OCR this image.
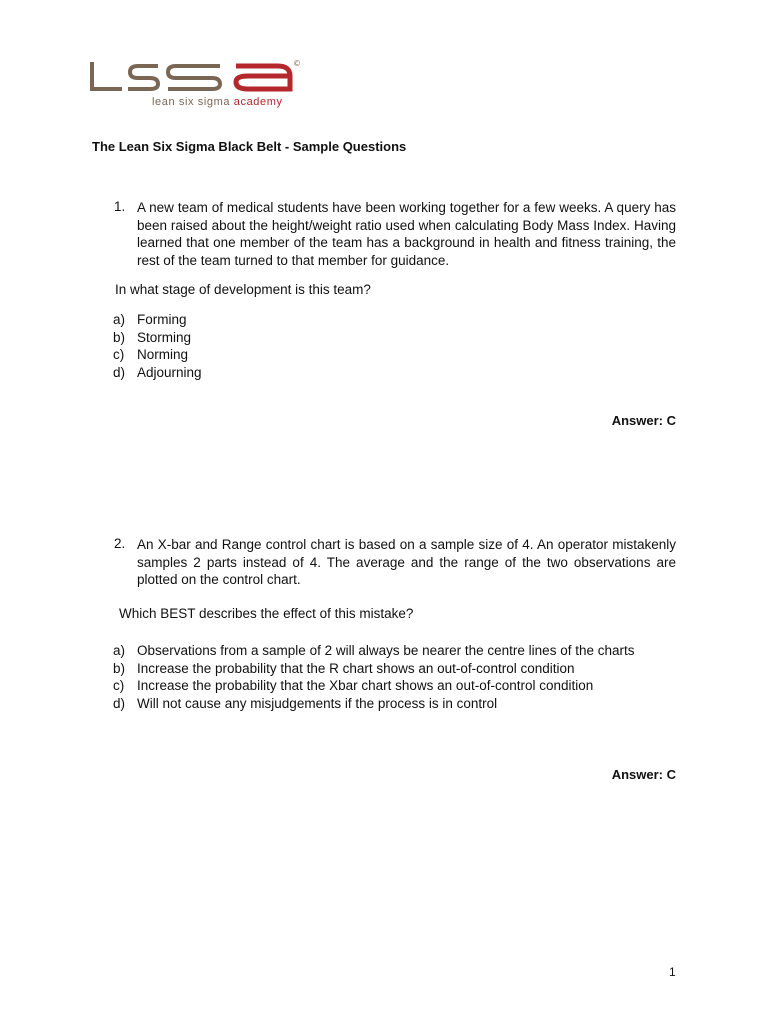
©
lean six sigma academy
The Lean Six Sigma Black Belt - Sample Questions
1. A new team of medical students have been working together for a few weeks. A query has been raised about the height/weight ratio used when calculating Body Mass Index. Having learned that one member of the team has a background in health and fitness training, the rest of the team turned to that member for guidance.
In what stage of development is this team?
a) Forming
b) Storming
c) Norming
d) Adjourning
Answer: C
2. An X-bar and Range control chart is based on a sample size of 4. An operator mistakenly samples 2 parts instead of 4. The average and the range of the two observations are plotted on the control chart.
Which BEST describes the effect of this mistake?
a) Observations from a sample of 2 will always be nearer the centre lines of the charts
b) Increase the probability that the R chart shows an out-of-control condition
c) Increase the probability that the Xbar chart shows an out-of-control condition
d) Will not cause any misjudgements if the process is in control
Answer: C
1
